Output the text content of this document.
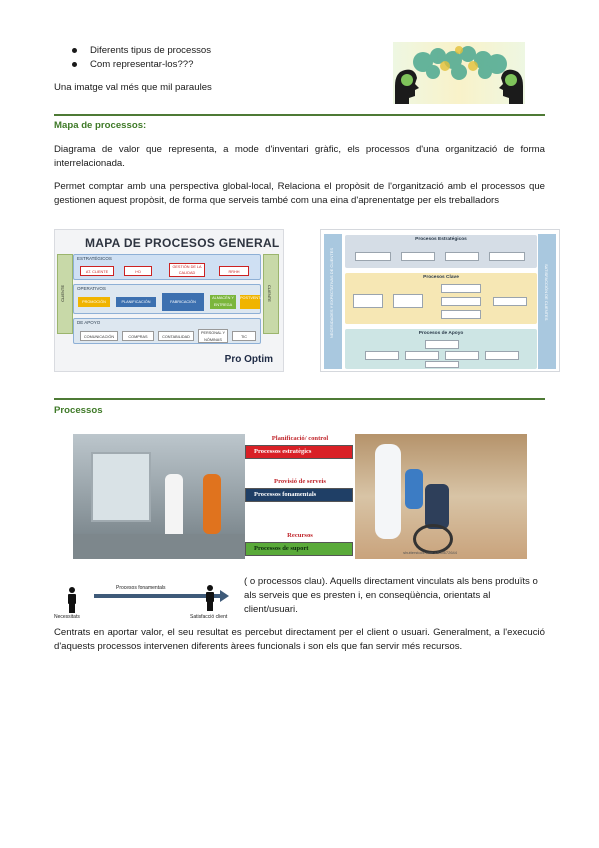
Diferents tipus de processos
Com representar-los???
Una imatge val més que mil paraules
Mapa de processos:
Diagrama de valor que representa, a mode d'inventari gràfic, els processos d'una organització de forma interrelacionada.
Permet comptar amb una perspectiva global-local, Relaciona el propòsit de l'organització amb el processos que gestionen aquest propòsit, de forma que serveis també com una eina d'aprenentatge per els treballadors
MAPA DE PROCESOS GENERAL
CLIENTE	CLIENTE
ESTRATÉGICOS
AT. CLIENTE	I+D
GESTIÓN DE LA CALIDAD	RRHH
OPERATIVOS
PROMOCIÓN	PLANIFICACIÓN	FABRICACIÓN
ALMACÉN Y ENTREGA
POSTVENTA
DE APOYO
COMUNICACIÓN	COMPRAS	CONTABILIDAD
PERSONAL Y NÓMINAS
TIC
Pro Optim
NECESIDADES Y EXPECTATIVAS DE CLIENTES	SATISFACCIÓN DE CLIENTES
Procesos Estratégicos
Procesos Clave
Procesos de Apoyo
Processos
Planificació/ control
Processos estratègics
Provisió de serveis
Processos fonamentals
Recursos
Processos de suport
shutterstock.com • 533672644
Necessitats
Procesos fonamentals
Satisfacció client
( o processos clau). Aquells directament vinculats als bens produïts o als serveis que es presten i, en conseqüència, orientats al client/usuari.
Centrats en aportar valor, el seu resultat es percebut directament per el client o usuari. Generalment, a l'execució d'aquests processos intervenen diferents àrees funcionals i son els que fan servir més recursos.
